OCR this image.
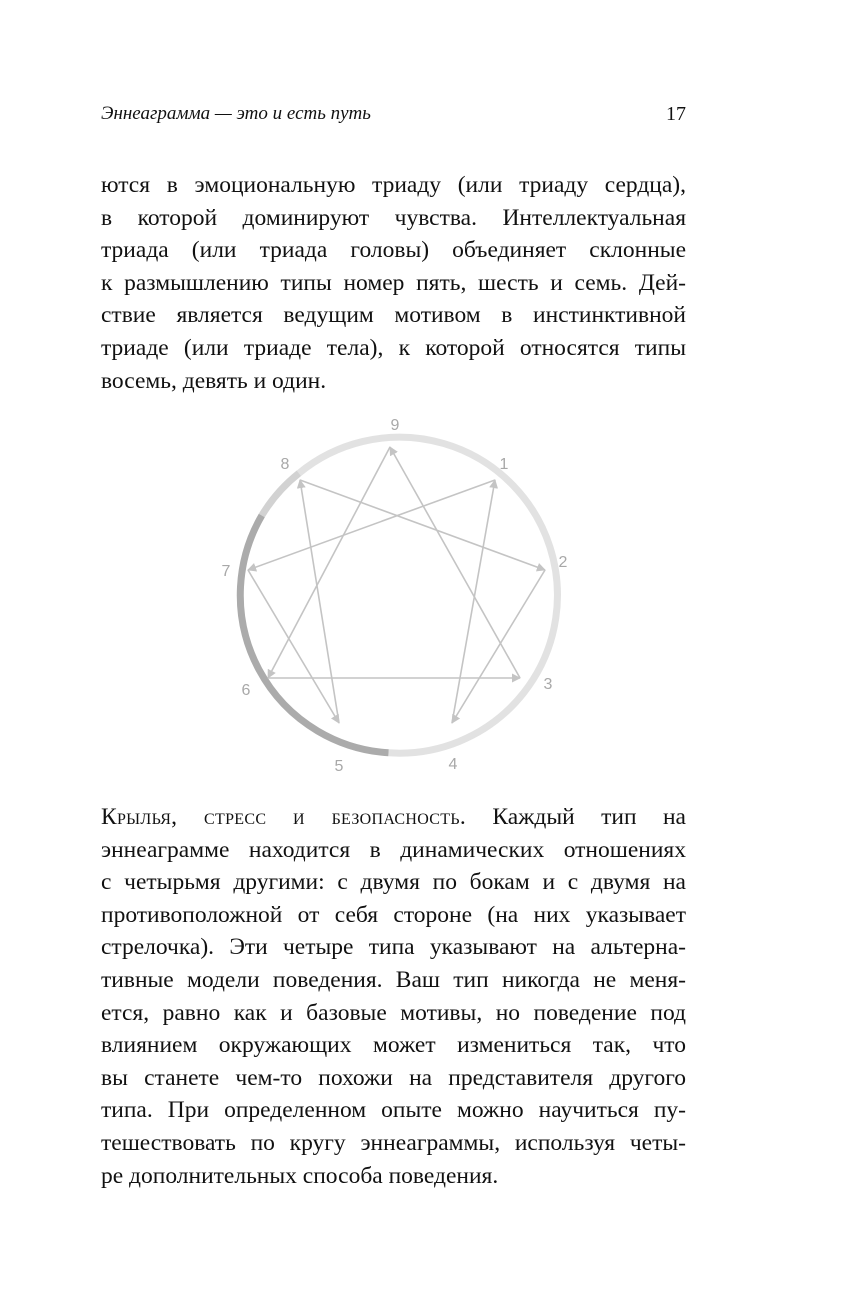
Эннеаграмма — это и есть путь	17
ются в эмоциональную триаду (или триаду сердца),
в которой доминируют чувства. Интеллектуальная
триада (или триада головы) объединяет склонные
к размышлению типы номер пять, шесть и семь. Дей-
ствие является ведущим мотивом в инстинктивной
триаде (или триаде тела), к которой относятся типы
восемь, девять и один.
9
1
2
3
4
5
6
7
8
Крылья, стресс и безопасность. Каждый тип на
эннеаграмме находится в динамических отношениях
с четырьмя другими: с двумя по бокам и с двумя на
противоположной от себя стороне (на них указывает
стрелочка). Эти четыре типа указывают на альтерна-
тивные модели поведения. Ваш тип никогда не меня-
ется, равно как и базовые мотивы, но поведение под
влиянием окружающих может измениться так, что
вы станете чем-то похожи на представителя другого
типа. При определенном опыте можно научиться пу-
тешествовать по кругу эннеаграммы, используя четы-
ре дополнительных способа поведения.
